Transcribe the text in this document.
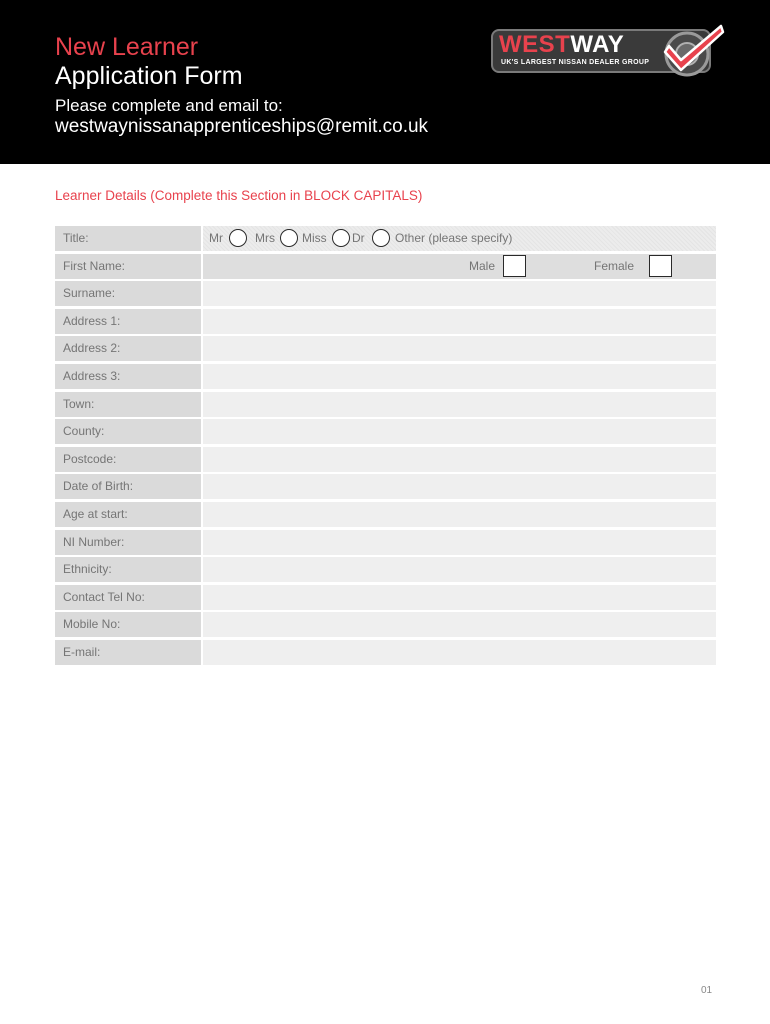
New Learner
Application Form
Please complete and email to:
westwaynissanapprenticeships@remit.co.uk
WESTWAY
UK'S LARGEST NISSAN DEALER GROUP
Learner Details (Complete this Section in BLOCK CAPITALS)
Title:	Mr	Mrs Miss Dr	Other (please specify)
First Name:	Male	Female
Surname:
Address 1:
Address 2:
Address 3:
Town:
County:
Postcode:
Date of Birth:
Age at start:
NI Number:
Ethnicity:
Contact Tel No:
Mobile No:
E-mail:
01
